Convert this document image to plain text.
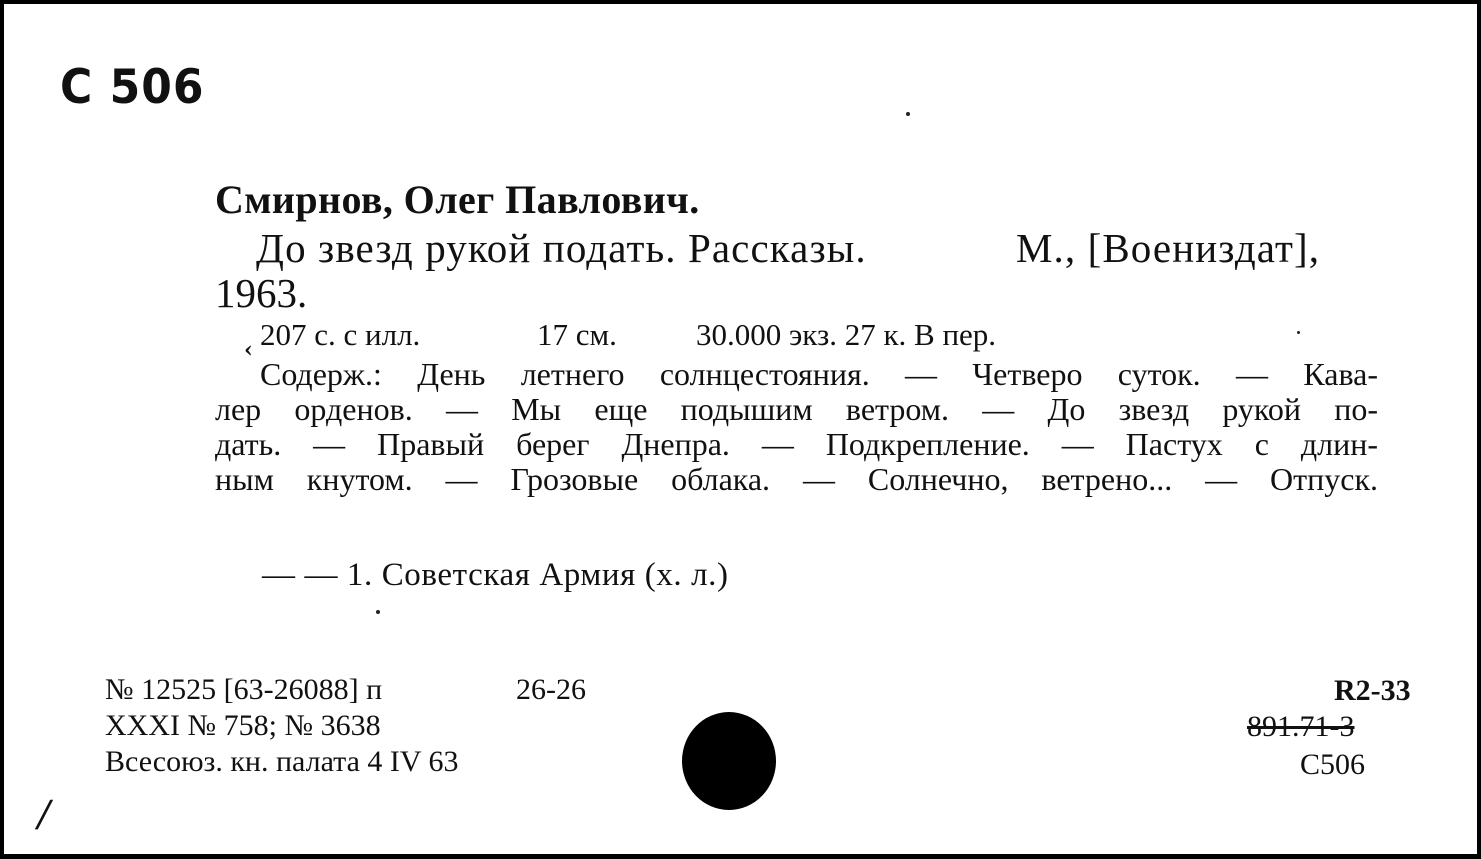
С 506
Смирнов, Олег Павлович.
До звезд рукой подать. Рассказы.	М., [Воениздат],
1963.
207 с. с илл.	17 см.	30.000 экз. 27 к. В пер.
‹
Содерж.: День летнего солнцестояния. — Четверо суток. — Кава-
лер орденов. — Мы еще подышим ветром. — До звезд рукой по-
дать. — Правый берег Днепра. — Подкрепление. — Пастух с длин-
ным кнутом. — Грозовые облака. — Солнечно, ветрено... — Отпуск.
— — 1. Советская Армия (х. л.)
№ 12525 [63-26088] п	26-26
XXXI № 758; № 3638
Всесоюз. кн. палата 4 IV 63
R2-33
891.71-3
С506
/
